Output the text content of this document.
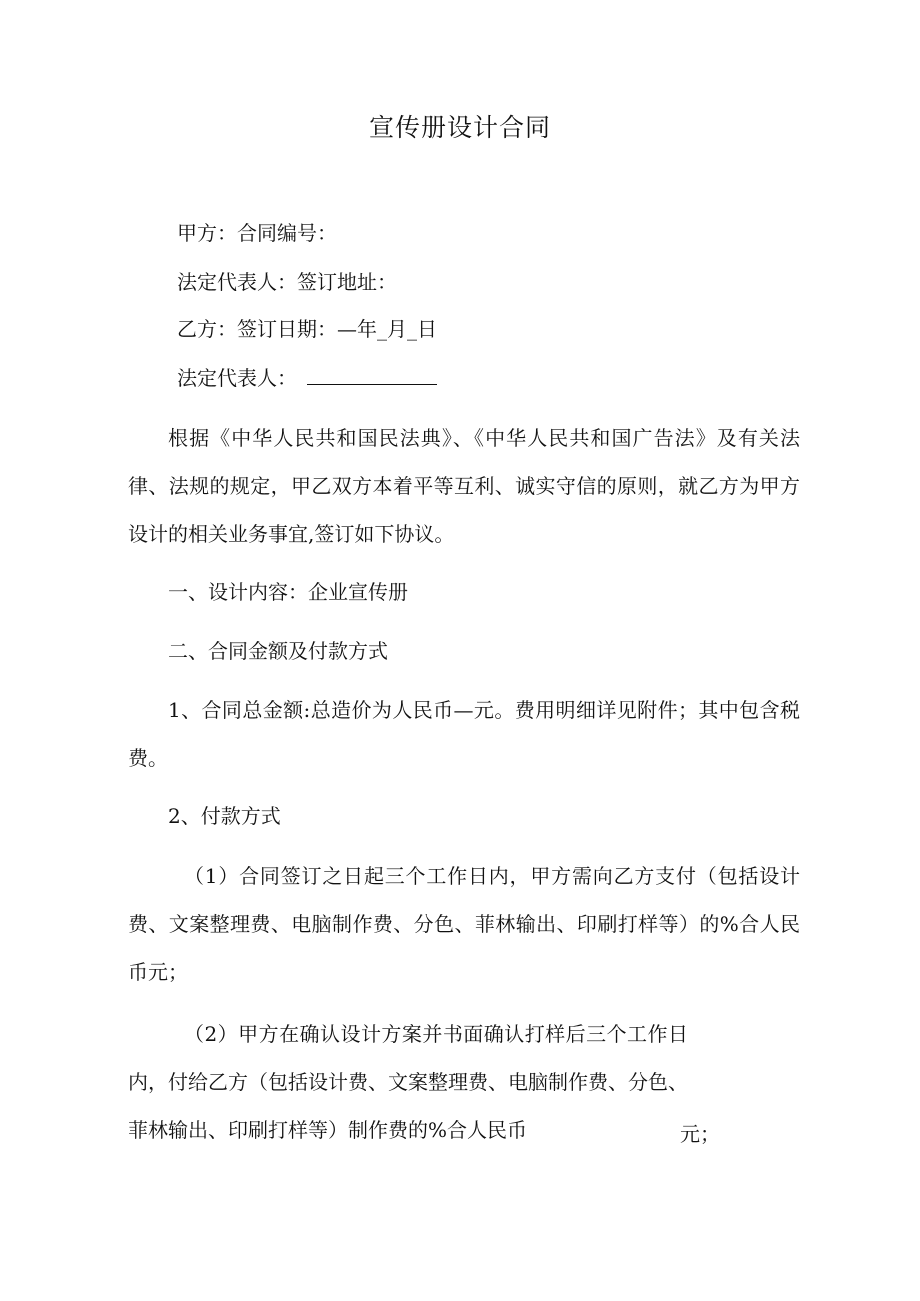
宣传册设计合同
甲方：合同编号：
法定代表人：签订地址：
乙方：签订日期：—年_月_日
法定代表人：

根据《中华人民共和国民法典》、《中华人民共和国广告法》及有关法律、法规的规定，甲乙双方本着平等互利、诚实守信的原则，就乙方为甲方设计的相关业务事宜,签订如下协议。

一、设计内容：企业宣传册
二、合同金额及付款方式

1、合同总金额:总造价为人民币—元。费用明细详见附件；其中包含税费。

2、付款方式

（1）合同签订之日起三个工作日内，甲方需向乙方支付（包括设计费、文案整理费、电脑制作费、分色、菲林输出、印刷打样等）的%合人民币元；

（2）甲方在确认设计方案并书面确认打样后三个工作日内，付给乙方（包括设计费、文案整理费、电脑制作费、分色、菲林输出、印刷打样等）制作费的%合人民币	元；
